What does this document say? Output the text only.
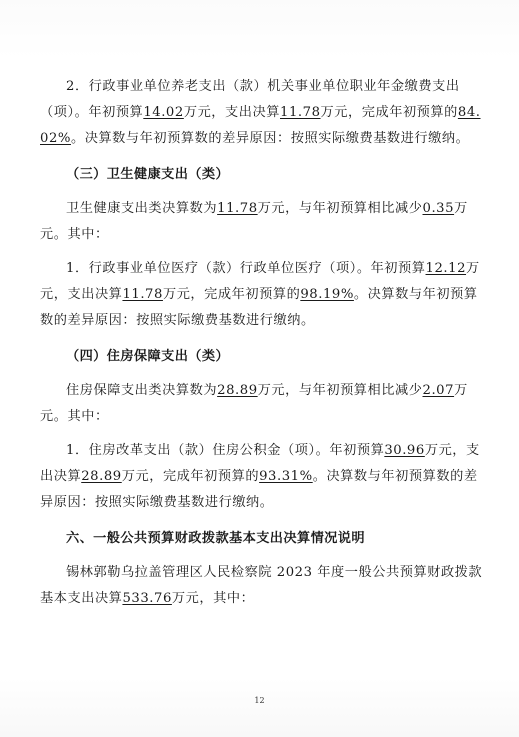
2．行政事业单位养老支出（款）机关事业单位职业年金缴费支出（项）。年初预算14.02万元，支出决算11.78万元，完成年初预算的84.02%。决算数与年初预算数的差异原因：按照实际缴费基数进行缴纳。

（三）卫生健康支出（类）

卫生健康支出类决算数为11.78万元，与年初预算相比减少0.35万元。其中：

1．行政事业单位医疗（款）行政单位医疗（项）。年初预算12.12万元，支出决算11.78万元，完成年初预算的98.19%。决算数与年初预算数的差异原因：按照实际缴费基数进行缴纳。

（四）住房保障支出（类）

住房保障支出类决算数为28.89万元，与年初预算相比减少2.07万元。其中：

1．住房改革支出（款）住房公积金（项）。年初预算30.96万元，支出决算28.89万元，完成年初预算的93.31%。决算数与年初预算数的差异原因：按照实际缴费基数进行缴纳。

六、一般公共预算财政拨款基本支出决算情况说明

锡林郭勒乌拉盖管理区人民检察院 2023 年度一般公共预算财政拨款基本支出决算533.76万元，其中：

12
